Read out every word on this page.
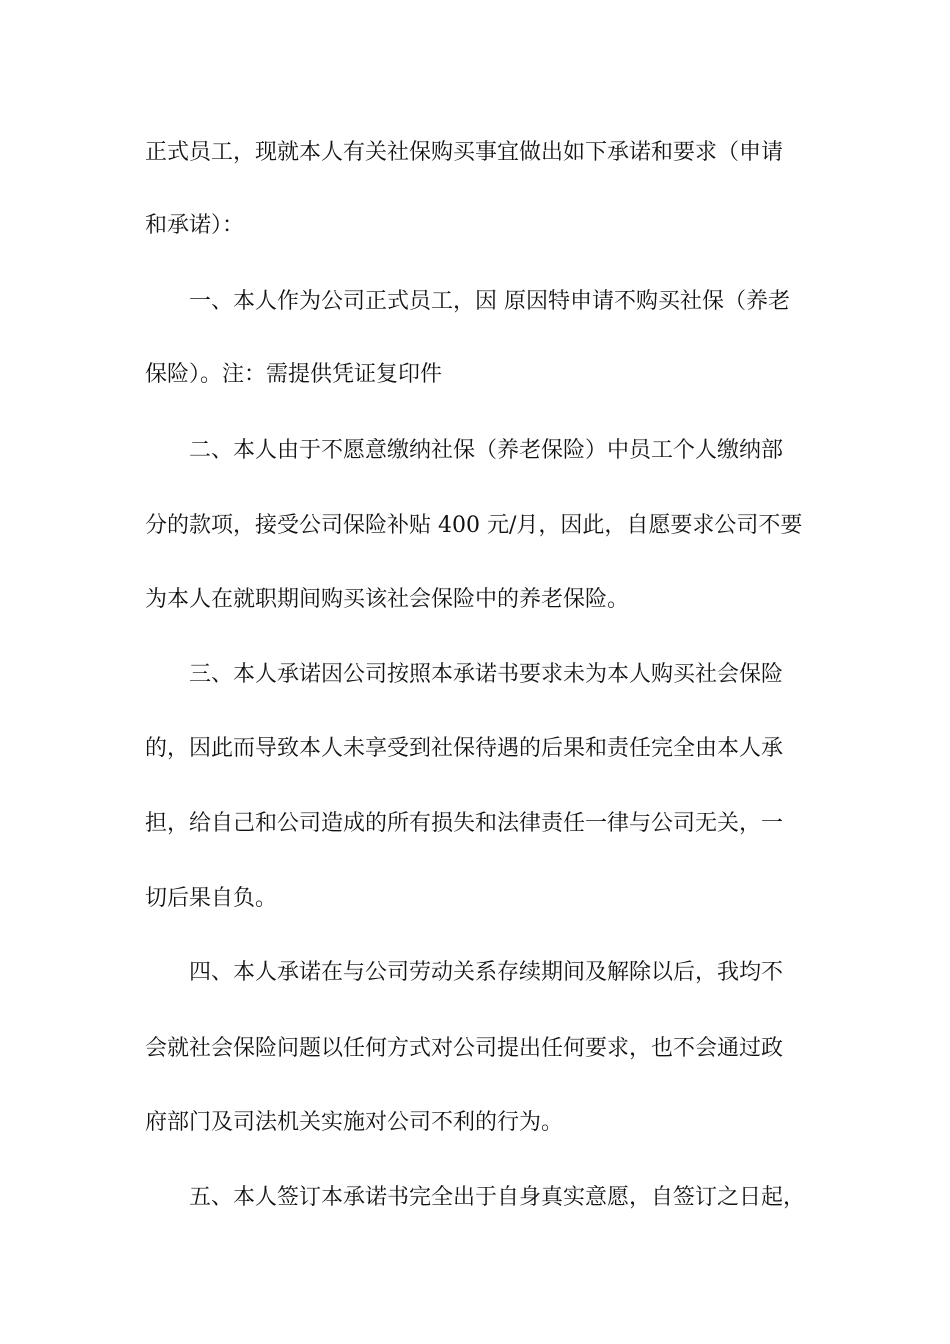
正式员工，现就本人有关社保购买事宜做出如下承诺和要求（申请
和承诺）：
一、本人作为公司正式员工，因 原因特申请不购买社保（养老
保险）。注：需提供凭证复印件
二、本人由于不愿意缴纳社保（养老保险）中员工个人缴纳部
分的款项，接受公司保险补贴 400 元/月，因此，自愿要求公司不要
为本人在就职期间购买该社会保险中的养老保险。
三、本人承诺因公司按照本承诺书要求未为本人购买社会保险
的，因此而导致本人未享受到社保待遇的后果和责任完全由本人承
担，给自己和公司造成的所有损失和法律责任一律与公司无关，一
切后果自负。
四、本人承诺在与公司劳动关系存续期间及解除以后，我均不
会就社会保险问题以任何方式对公司提出任何要求，也不会通过政
府部门及司法机关实施对公司不利的行为。
五、本人签订本承诺书完全出于自身真实意愿，自签订之日起，
